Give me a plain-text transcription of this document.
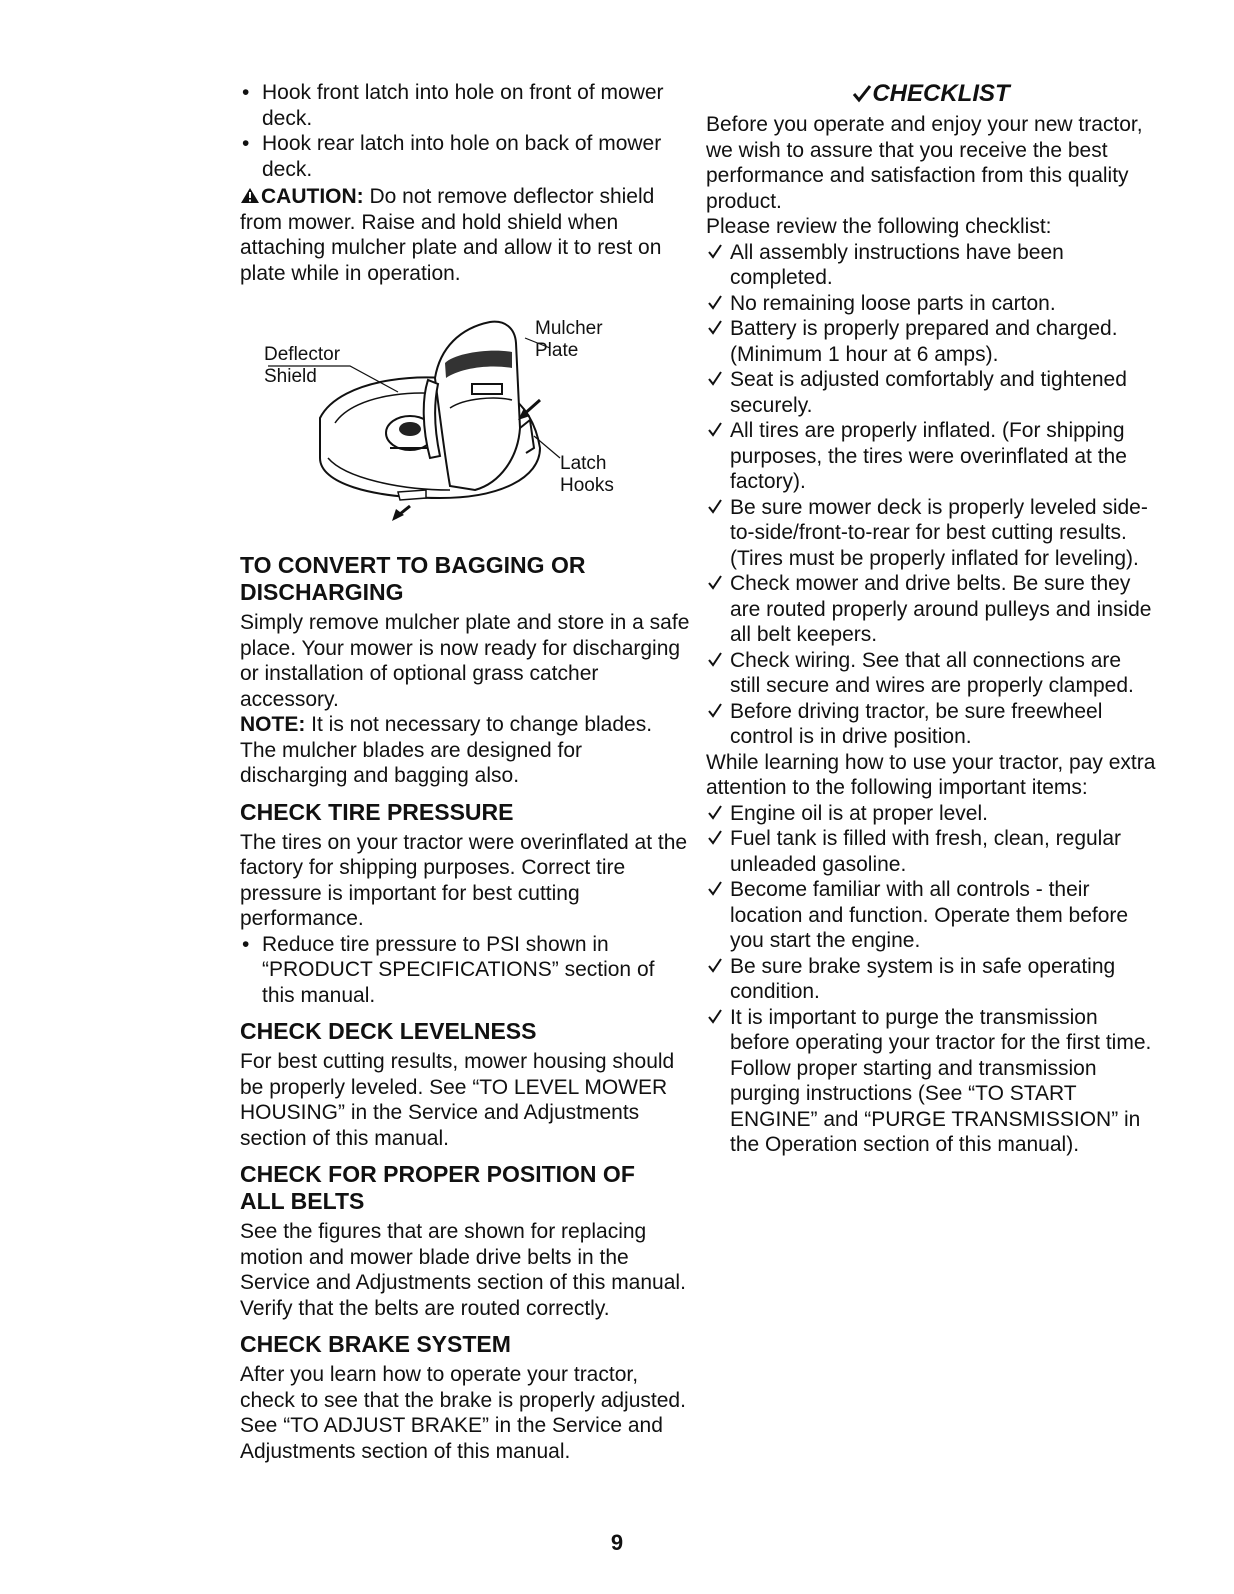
• Hook front latch into hole on front of mower deck.
• Hook rear latch into hole on back of mower deck.

CAUTION: Do not remove deflector shield from mower. Raise and hold shield when attaching mulcher plate and allow it to rest on plate while in operation.

Deflector
Shield
Mulcher
Plate
Latch
Hooks
TO CONVERT TO BAGGING OR
DISCHARGING

Simply remove mulcher plate and store in a safe place. Your mower is now ready for discharging or installation of optional grass catcher accessory.

NOTE: It is not necessary to change blades. The mulcher blades are designed for discharging and bagging also.

CHECK TIRE PRESSURE

The tires on your tractor were overinflated at the factory for shipping purposes. Correct tire pressure is important for best cutting performance.

• Reduce tire pressure to PSI shown in “PRODUCT SPECIFICATIONS” section of this manual.
CHECK DECK LEVELNESS

For best cutting results, mower housing should be properly leveled. See “TO LEVEL MOWER HOUSING” in the Service and Adjustments section of this manual.

CHECK FOR PROPER POSITION OF
ALL BELTS

See the figures that are shown for replacing motion and mower blade drive belts in the Service and Adjustments section of this manual. Verify that the belts are routed correctly.

CHECK BRAKE SYSTEM

After you learn how to operate your tractor, check to see that the brake is properly adjusted. See “TO ADJUST BRAKE” in the Service and Adjustments section of this manual.

CHECKLIST

Before you operate and enjoy your new tractor, we wish to assure that you receive the best performance and satisfaction from this quality product.

Please review the following checklist:

All assembly instructions have been completed.
No remaining loose parts in carton.
Battery is properly prepared and charged. (Minimum 1 hour at 6 amps).
Seat is adjusted comfortably and tightened securely.
All tires are properly inflated. (For shipping purposes, the tires were overinflated at the factory).
Be sure mower deck is properly leveled side-to-side/front-to-rear for best cutting results. (Tires must be properly inflated for leveling).
Check mower and drive belts. Be sure they are routed properly around pulleys and inside all belt keepers.
Check wiring. See that all connections are still secure and wires are properly clamped.
Before driving tractor, be sure freewheel control is in drive position.

While learning how to use your tractor, pay extra attention to the following important items:

Engine oil is at proper level.
Fuel tank is filled with fresh, clean, regular unleaded gasoline.
Become familiar with all controls - their location and function. Operate them before you start the engine.
Be sure brake system is in safe operating condition.
It is important to purge the transmission before operating your tractor for the first time. Follow proper starting and transmission purging instructions (See “TO START ENGINE” and “PURGE TRANSMISSION” in the Operation section of this manual).
9
